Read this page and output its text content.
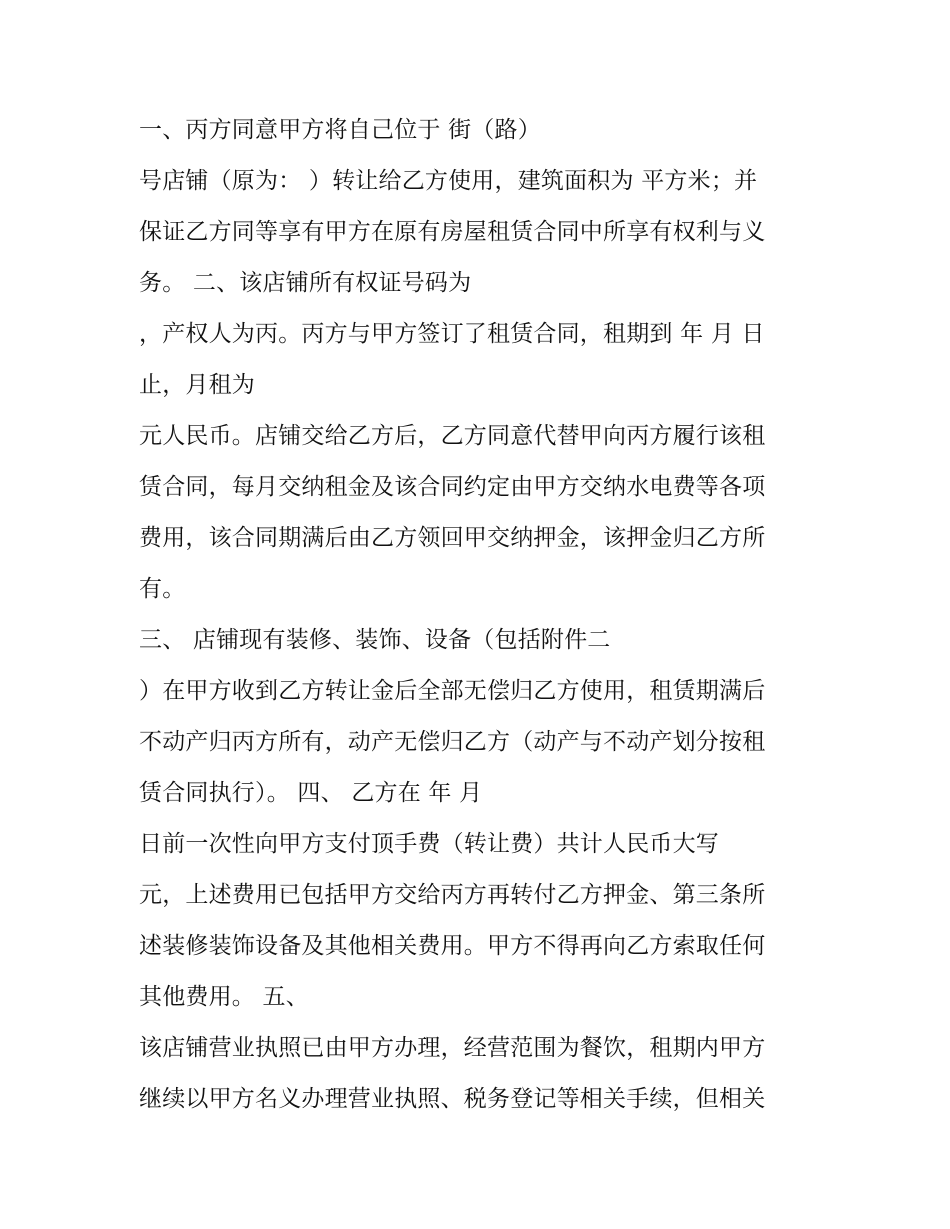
一、丙方同意甲方将自己位于 街（路）
号店铺（原为： ）转让给乙方使用，建筑面积为 平方米；并
保证乙方同等享有甲方在原有房屋租赁合同中所享有权利与义
务。 二、该店铺所有权证号码为
，产权人为丙。丙方与甲方签订了租赁合同，租期到 年 月 日
止，月租为
元人民币。店铺交给乙方后，乙方同意代替甲向丙方履行该租
赁合同，每月交纳租金及该合同约定由甲方交纳水电费等各项
费用，该合同期满后由乙方领回甲交纳押金，该押金归乙方所
有。
三、 店铺现有装修、装饰、设备（包括附件二
）在甲方收到乙方转让金后全部无偿归乙方使用，租赁期满后
不动产归丙方所有，动产无偿归乙方（动产与不动产划分按租
赁合同执行）。 四、 乙方在 年 月
日前一次性向甲方支付顶手费（转让费）共计人民币大写
元，上述费用已包括甲方交给丙方再转付乙方押金、第三条所
述装修装饰设备及其他相关费用。甲方不得再向乙方索取任何
其他费用。 五、
该店铺营业执照已由甲方办理，经营范围为餐饮，租期内甲方
继续以甲方名义办理营业执照、税务登记等相关手续，但相关
